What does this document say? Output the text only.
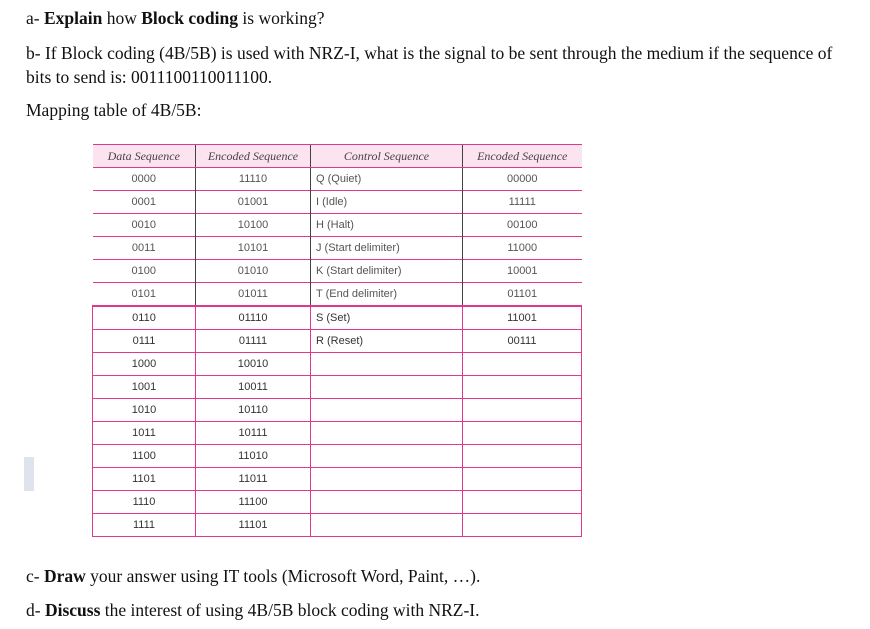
a- Explain how Block coding is working?

b- If Block coding (4B/5B) is used with NRZ-I, what is the signal to be sent through the medium if the sequence of bits to send is: 0011100110011100.

Mapping table of 4B/5B:

Data Sequence	Encoded Sequence	Control Sequence	Encoded Sequence
0000	11110	Q (Quiet)	00000
0001	01001	I (Idle)	11111
0010	10100	H (Halt)	00100
0011	10101	J (Start delimiter)	11000
0100	01010	K (Start delimiter)	10001
0101	01011	T (End delimiter)	01101
0110	01110	S (Set)	11001
0111	01111	R (Reset)	00111
1000	10010		
1001	10011		
1010	10110		
1011	10111		
1100	11010		
1101	11011		
1110	11100		
1111	11101		

c- Draw your answer using IT tools (Microsoft Word, Paint, …).

d- Discuss the interest of using 4B/5B block coding with NRZ-I.
